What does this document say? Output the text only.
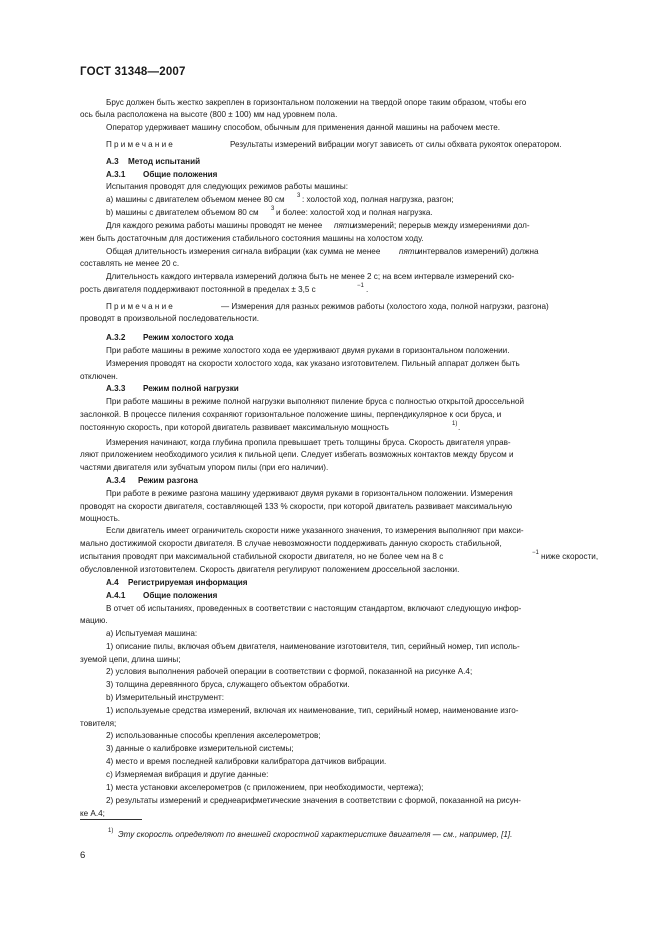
ГОСТ 31348—2007
Брус должен быть жестко закреплен в горизонтальном положении на твердой опоре таким образом, чтобы его
ось была расположена на высоте (800 ± 100) мм над уровнем пола.
Оператор удерживает машину способом, обычным для применения данной машины на рабочем месте.
Результаты измерений вибрации могут зависеть от силы обхвата рукояток оператором.
Метод испытаний
Общие положения
Испытания проводят для следующих режимов работы машины:
а) машины с двигателем объемом менее 80 см : холостой ход, полная нагрузка, разгон;
b) машины с двигателем объемом 80 см и более: холостой ход и полная нагрузка.
Для каждого режима работы машины проводят не менее пяти
измерений; перерыв между измерениями дол-
жен быть достаточным для достижения стабильного состояния машины на холостом ходу.
Общая длительность измерения сигнала вибрации (как сумма не менее пяти
интервалов измерений) должна
составлять не менее 20 с.
Длительность каждого интервала измерений должна быть не менее 2 с; на всем интервале измерений ско-
рость двигателя поддерживают постоянной в пределах ± 3,5 с	.
— Измерения для разных режимов работы (холостого хода, полной нагрузки, разгона)
проводят в произвольной последовательности.
Режим холостого хода
При работе машины в режиме холостого хода ее удерживают двумя руками в горизонтальном положении.
Измерения проводят на скорости холостого хода, как указано изготовителем. Пильный аппарат должен быть
отключен.
Режим полной нагрузки
При работе машины в режиме полной нагрузки выполняют пиление бруса с полностью открытой дроссельной
заслонкой. В процессе пиления сохраняют горизонтальное положение шины, перпендикулярное к оси бруса, и
постоянную скорость, при которой двигатель развивает максимальную мощность	.
Измерения начинают, когда глубина пропила превышает треть толщины бруса. Скорость двигателя управ-
ляют приложением необходимого усилия к пильной цепи. Следует избегать возможных контактов между брусом и
частями двигателя или зубчатым упором пилы (при его наличии).
Режим разгона
При работе в режиме разгона машину удерживают двумя руками в горизонтальном положении. Измерения
проводят на скорости двигателя, составляющей 133 % скорости, при которой двигатель развивает максимальную
мощность.
Если двигатель имеет ограничитель скорости ниже указанного значения, то измерения выполняют при макси-
мально достижимой скорости двигателя. В случае невозможности поддерживать данную скорость стабильной,
испытания проводят при максимальной стабильной скорости двигателя, но не более чем на 8 с	ниже скорости,
обусловленной изготовителем. Скорость двигателя регулируют положением дроссельной заслонки.
Регистрируемая информация
Общие положения
В отчет об испытаниях, проведенных в соответствии с настоящим стандартом, включают следующую инфор-
мацию.
а) Испытуемая машина:
1) описание пилы, включая объем двигателя, наименование изготовителя, тип, серийный номер, тип исполь-
зуемой цепи, длина шины;
2) условия выполнения рабочей операции в соответствии с формой, показанной на рисунке А.4;
3) толщина деревянного бруса, служащего объектом обработки.
b) Измерительный инструмент:
1) используемые средства измерений, включая их наименование, тип, серийный номер, наименование изго-
товителя;
2) использованные способы крепления акселерометров;
3) данные о калибровке измерительной системы;
4) место и время последней калибровки калибратора датчиков вибрации.
c) Измеряемая вибрация и другие данные:
1) места установки акселерометров (с приложением, при необходимости, чертежа);
2) результаты измерений и среднеарифметические значения в соответствии с формой, показанной на рисун-
ке А.4;
Эту скорость определяют по внешней скоростной характеристике двигателя — см., например, [1].
А.3
А.3.1
А.3.2
А.3.3
А.3.4
А.4
А.4.1
Примечание
Примечание
3
3
−1
1)
−1
1)
6
